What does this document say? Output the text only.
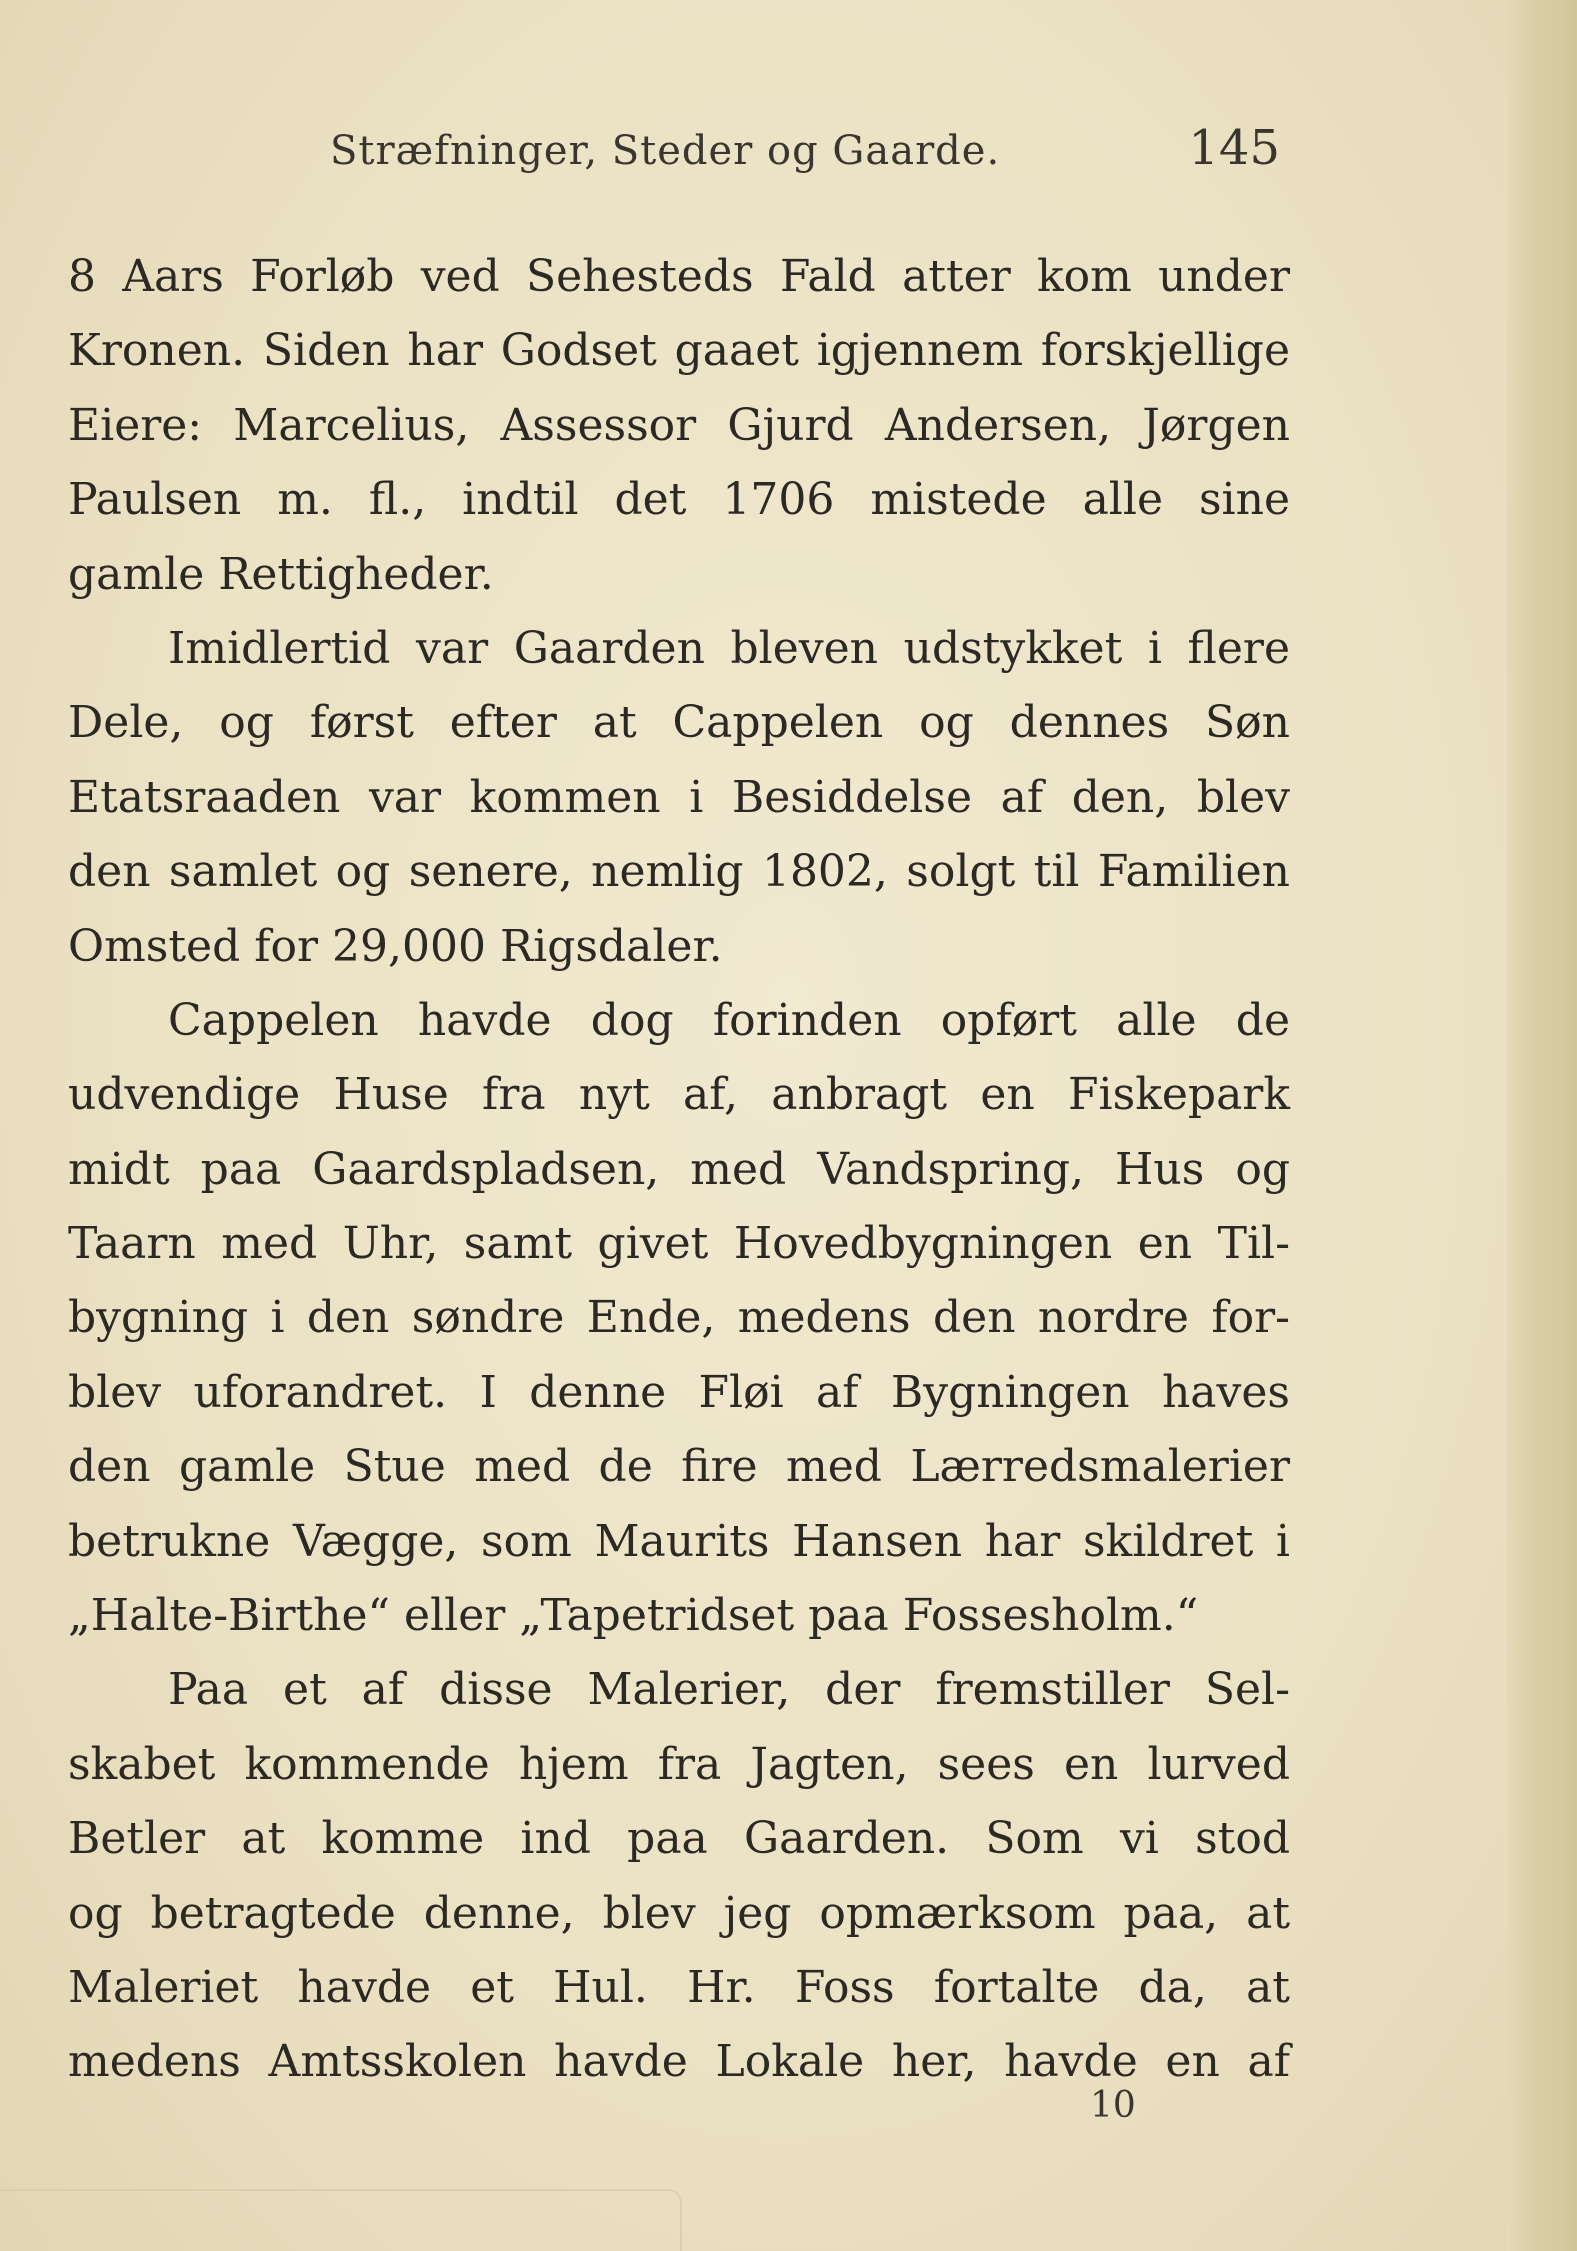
Stræfninger, Steder og Gaarde.	145
8 Aars Forløb ved Sehesteds Fald atter kom under
Kronen. Siden har Godset gaaet igjennem forskjellige
Eiere: Marcelius, Assessor Gjurd Andersen, Jørgen
Paulsen m. fl., indtil det 1706 mistede alle sine
gamle Rettigheder.
Imidlertid var Gaarden bleven udstykket i flere
Dele, og først efter at Cappelen og dennes Søn
Etatsraaden var kommen i Besiddelse af den, blev
den samlet og senere, nemlig 1802, solgt til Familien
Omsted for 29,000 Rigsdaler.
Cappelen havde dog forinden opført alle de
udvendige Huse fra nyt af, anbragt en Fiskepark
midt paa Gaardspladsen, med Vandspring, Hus og
Taarn med Uhr, samt givet Hovedbygningen en Til-
bygning i den søndre Ende, medens den nordre for-
blev uforandret. I denne Fløi af Bygningen haves
den gamle Stue med de fire med Lærredsmalerier
betrukne Vægge, som Maurits Hansen har skildret i
„Halte-Birthe“ eller „Tapetridset paa Fossesholm.“
Paa et af disse Malerier, der fremstiller Sel-
skabet kommende hjem fra Jagten, sees en lurved
Betler at komme ind paa Gaarden. Som vi stod
og betragtede denne, blev jeg opmærksom paa, at
Maleriet havde et Hul. Hr. Foss fortalte da, at
medens Amtsskolen havde Lokale her, havde en af
10
